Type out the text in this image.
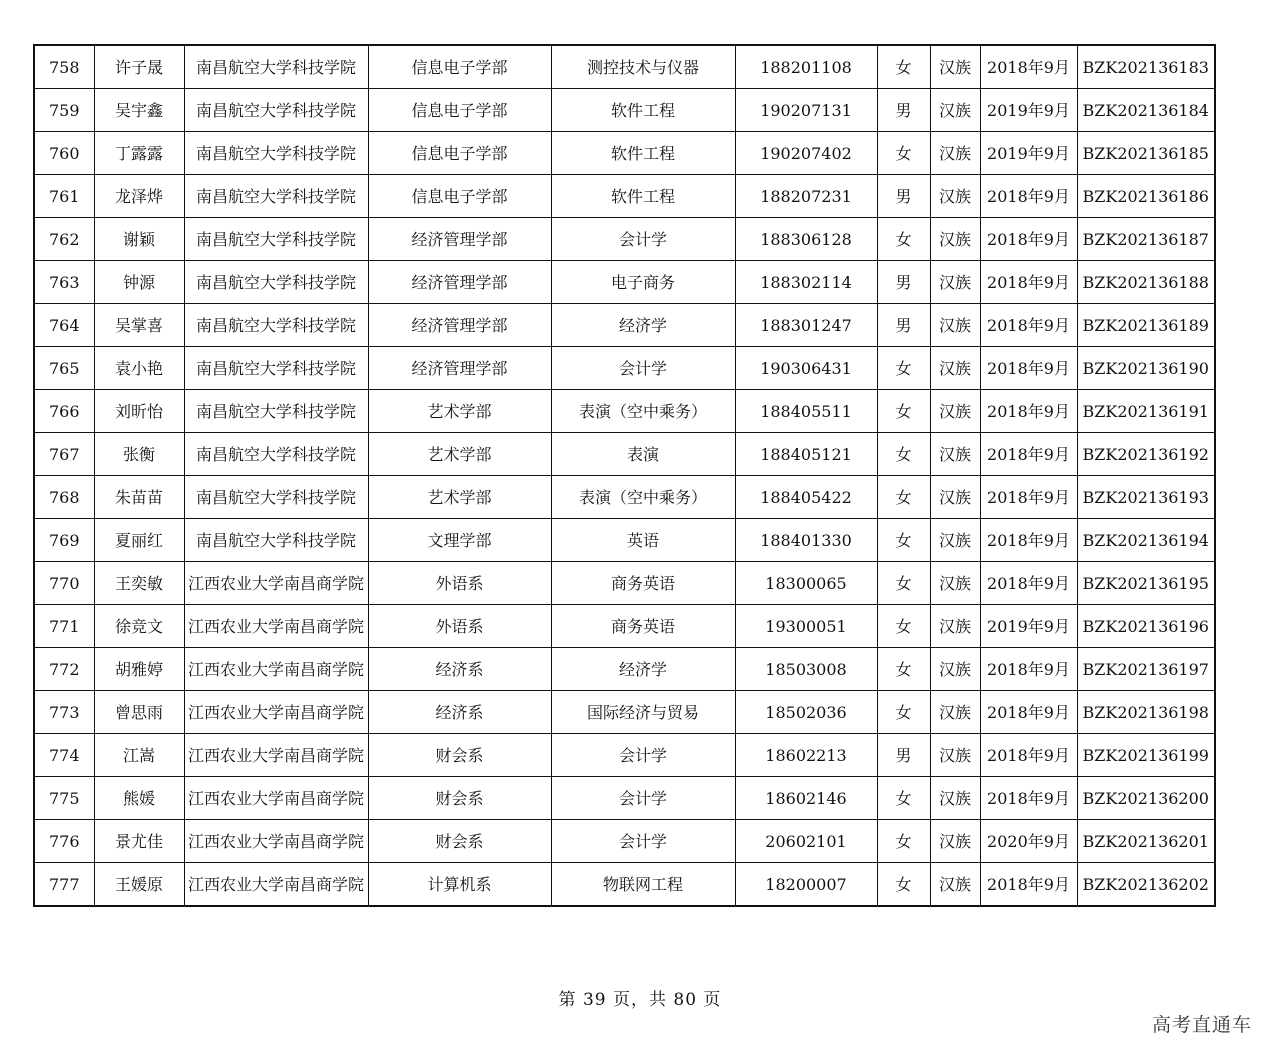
758	许子晟	南昌航空大学科技学院	信息电子学部	测控技术与仪器	188201108	女	汉族	2018年9月	BZK202136183
759	吴宇鑫	南昌航空大学科技学院	信息电子学部	软件工程	190207131	男	汉族	2019年9月	BZK202136184
760	丁露露	南昌航空大学科技学院	信息电子学部	软件工程	190207402	女	汉族	2019年9月	BZK202136185
761	龙泽烨	南昌航空大学科技学院	信息电子学部	软件工程	188207231	男	汉族	2018年9月	BZK202136186
762	谢颖	南昌航空大学科技学院	经济管理学部	会计学	188306128	女	汉族	2018年9月	BZK202136187
763	钟源	南昌航空大学科技学院	经济管理学部	电子商务	188302114	男	汉族	2018年9月	BZK202136188
764	吴掌喜	南昌航空大学科技学院	经济管理学部	经济学	188301247	男	汉族	2018年9月	BZK202136189
765	袁小艳	南昌航空大学科技学院	经济管理学部	会计学	190306431	女	汉族	2018年9月	BZK202136190
766	刘昕怡	南昌航空大学科技学院	艺术学部	表演（空中乘务）	188405511	女	汉族	2018年9月	BZK202136191
767	张衡	南昌航空大学科技学院	艺术学部	表演	188405121	女	汉族	2018年9月	BZK202136192
768	朱苗苗	南昌航空大学科技学院	艺术学部	表演（空中乘务）	188405422	女	汉族	2018年9月	BZK202136193
769	夏丽红	南昌航空大学科技学院	文理学部	英语	188401330	女	汉族	2018年9月	BZK202136194
770	王奕敏	江西农业大学南昌商学院	外语系	商务英语	18300065	女	汉族	2018年9月	BZK202136195
771	徐竞文	江西农业大学南昌商学院	外语系	商务英语	19300051	女	汉族	2019年9月	BZK202136196
772	胡雅婷	江西农业大学南昌商学院	经济系	经济学	18503008	女	汉族	2018年9月	BZK202136197
773	曾思雨	江西农业大学南昌商学院	经济系	国际经济与贸易	18502036	女	汉族	2018年9月	BZK202136198
774	江嵩	江西农业大学南昌商学院	财会系	会计学	18602213	男	汉族	2018年9月	BZK202136199
775	熊媛	江西农业大学南昌商学院	财会系	会计学	18602146	女	汉族	2018年9月	BZK202136200
776	景尤佳	江西农业大学南昌商学院	财会系	会计学	20602101	女	汉族	2020年9月	BZK202136201
777	王媛原	江西农业大学南昌商学院	计算机系	物联网工程	18200007	女	汉族	2018年9月	BZK202136202
第 39 页，共 80 页
高考直通车
